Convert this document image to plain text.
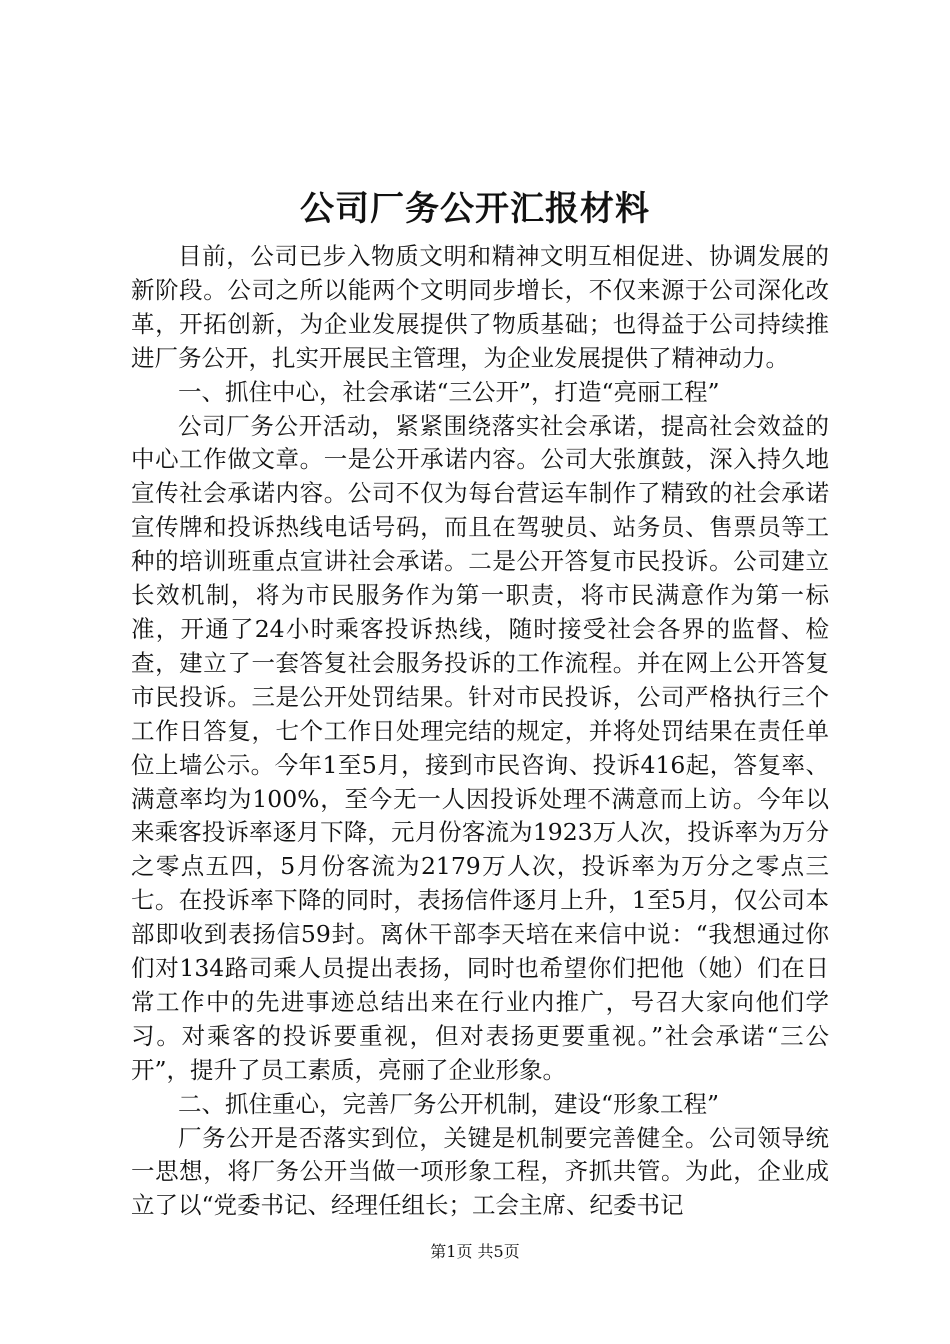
公司厂务公开汇报材料

目前，公司已步入物质文明和精神文明互相促进、协调发展的新阶段。公司之所以能两个文明同步增长，不仅来源于公司深化改革，开拓创新，为企业发展提供了物质基础；也得益于公司持续推进厂务公开，扎实开展民主管理，为企业发展提供了精神动力。

一、抓住中心，社会承诺“三公开”，打造“亮丽工程”

公司厂务公开活动，紧紧围绕落实社会承诺，提高社会效益的中心工作做文章。一是公开承诺内容。公司大张旗鼓，深入持久地宣传社会承诺内容。公司不仅为每台营运车制作了精致的社会承诺宣传牌和投诉热线电话号码，而且在驾驶员、站务员、售票员等工种的培训班重点宣讲社会承诺。二是公开答复市民投诉。公司建立长效机制，将为市民服务作为第一职责，将市民满意作为第一标准，开通了24小时乘客投诉热线，随时接受社会各界的监督、检查，建立了一套答复社会服务投诉的工作流程。并在网上公开答复市民投诉。三是公开处罚结果。针对市民投诉，公司严格执行三个工作日答复，七个工作日处理完结的规定，并将处罚结果在责任单位上墙公示。今年1至5月，接到市民咨询、投诉416起，答复率、满意率均为100%，至今无一人因投诉处理不满意而上访。今年以来乘客投诉率逐月下降，元月份客流为1923万人次，投诉率为万分之零点五四，5月份客流为2179万人次，投诉率为万分之零点三七。在投诉率下降的同时，表扬信件逐月上升，1至5月，仅公司本部即收到表扬信59封。离休干部李天培在来信中说：“我想通过你们对134路司乘人员提出表扬，同时也希望你们把他（她）们在日常工作中的先进事迹总结出来在行业内推广，号召大家向他们学习。对乘客的投诉要重视，但对表扬更要重视。”社会承诺“三公开”，提升了员工素质，亮丽了企业形象。

二、抓住重心，完善厂务公开机制，建设“形象工程”

厂务公开是否落实到位，关键是机制要完善健全。公司领导统一思想，将厂务公开当做一项形象工程，齐抓共管。为此，企业成立了以“党委书记、经理任组长；工会主席、纪委书记

第1页 共5页
